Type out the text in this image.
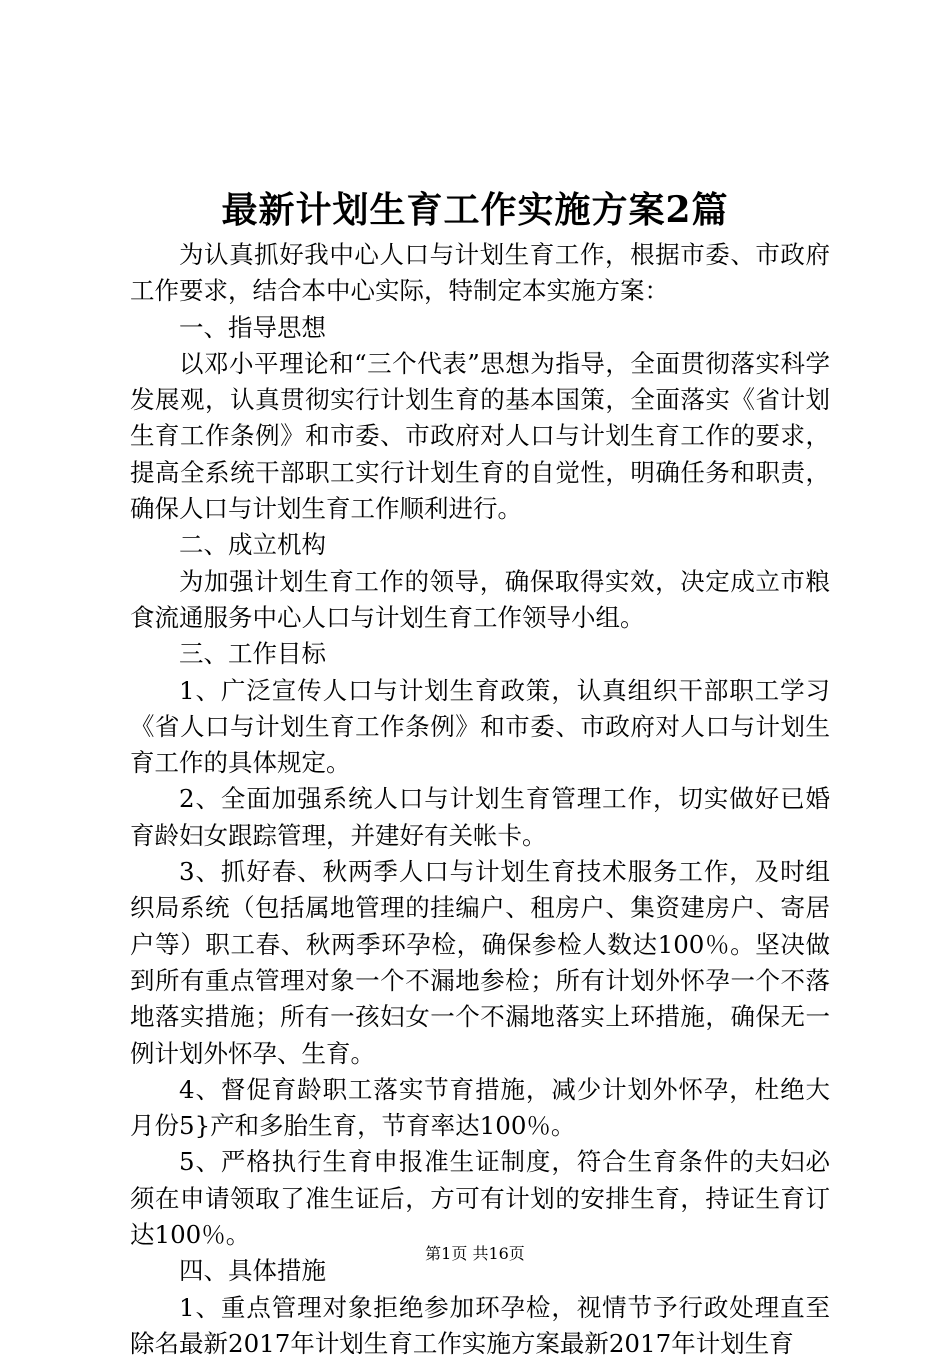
最新计划生育工作实施方案2篇

为认真抓好我中心人口与计划生育工作，根据市委、市政府工作要求，结合本中心实际，特制定本实施方案：

一、指导思想

以邓小平理论和“三个代表”思想为指导，全面贯彻落实科学发展观，认真贯彻实行计划生育的基本国策，全面落实《省计划生育工作条例》和市委、市政府对人口与计划生育工作的要求，提高全系统干部职工实行计划生育的自觉性，明确任务和职责，确保人口与计划生育工作顺利进行。

二、成立机构

为加强计划生育工作的领导，确保取得实效，决定成立市粮食流通服务中心人口与计划生育工作领导小组。

三、工作目标

1、广泛宣传人口与计划生育政策，认真组织干部职工学习《省人口与计划生育工作条例》和市委、市政府对人口与计划生育工作的具体规定。

2、全面加强系统人口与计划生育管理工作，切实做好已婚育龄妇女跟踪管理，并建好有关帐卡。

3、抓好春、秋两季人口与计划生育技术服务工作，及时组织局系统（包括属地管理的挂编户、租房户、集资建房户、寄居户等）职工春、秋两季环孕检，确保参检人数达100％。坚决做到所有重点管理对象一个不漏地参检；所有计划外怀孕一个不落地落实措施；所有一孩妇女一个不漏地落实上环措施，确保无一例计划外怀孕、生育。

4、督促育龄职工落实节育措施，减少计划外怀孕，杜绝大月份5}产和多胎生育，节育率达100％。

5、严格执行生育申报准生证制度，符合生育条件的夫妇必须在申请领取了准生证后，方可有计划的安排生育，持证生育订达100％。

四、具体措施

1、重点管理对象拒绝参加环孕检，视情节予行政处理直至除名最新2017年计划生育工作实施方案最新2017年计划生育

第1页 共16页
